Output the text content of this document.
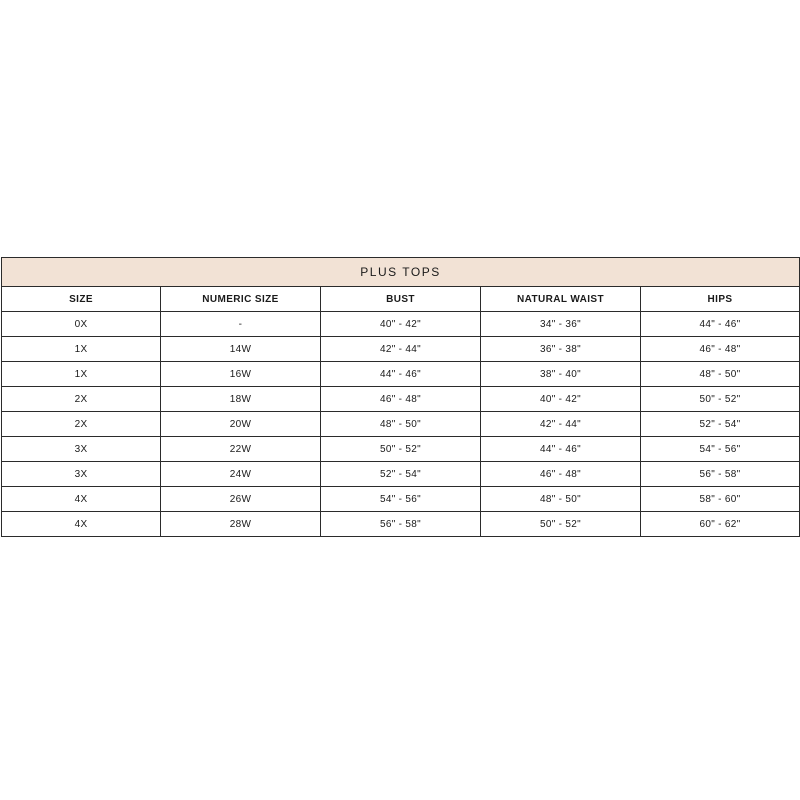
PLUS TOPS				
SIZE	NUMERIC SIZE	BUST	NATURAL WAIST	HIPS
0X	-	40" - 42"	34" - 36"	44" - 46"
1X	14W	42" - 44"	36" - 38"	46" - 48"
1X	16W	44" - 46"	38" - 40"	48" - 50"
2X	18W	46" - 48"	40" - 42"	50" - 52"
2X	20W	48" - 50"	42" - 44"	52" - 54"
3X	22W	50" - 52"	44" - 46"	54" - 56"
3X	24W	52" - 54"	46" - 48"	56" - 58"
4X	26W	54" - 56"	48" - 50"	58" - 60"
4X	28W	56" - 58"	50" - 52"	60" - 62"
